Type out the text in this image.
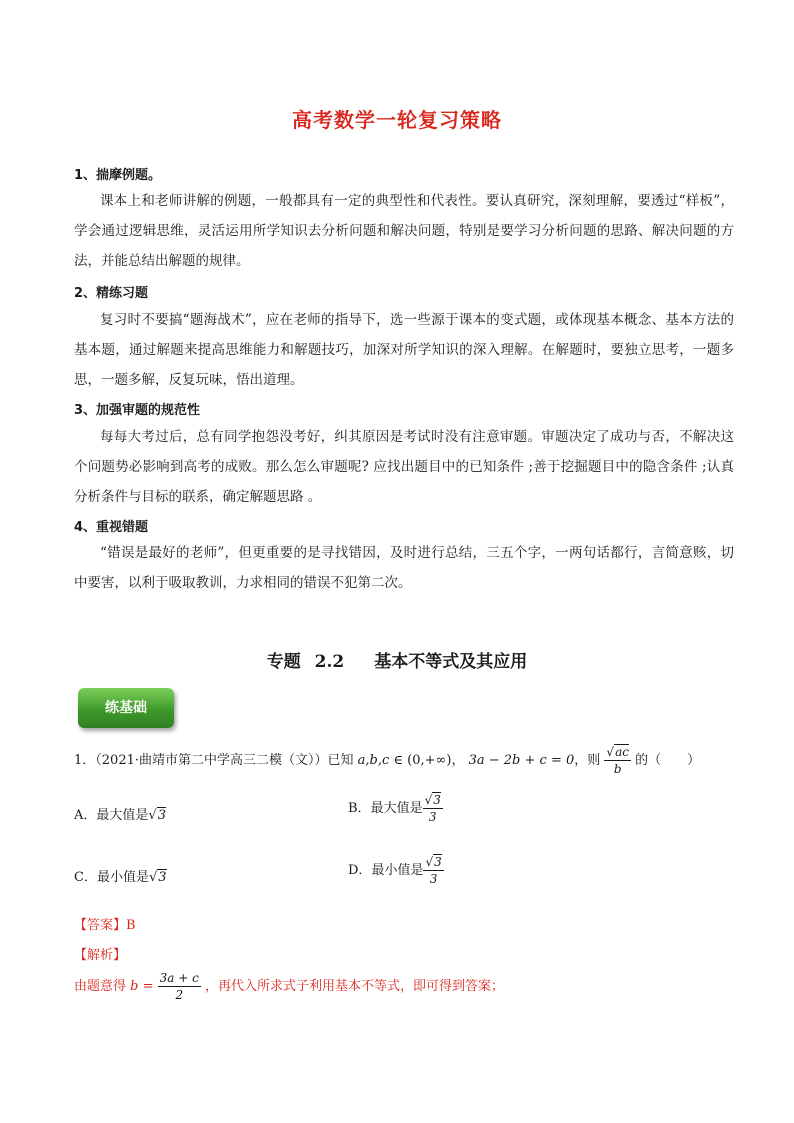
高考数学一轮复习策略
1、揣摩例题。
课本上和老师讲解的例题，一般都具有一定的典型性和代表性。要认真研究，深刻理解，要透过“样板”，学会通过逻辑思维，灵活运用所学知识去分析问题和解决问题，特别是要学习分析问题的思路、解决问题的方法，并能总结出解题的规律。
2、精练习题
复习时不要搞“题海战术”，应在老师的指导下，选一些源于课本的变式题，或体现基本概念、基本方法的基本题，通过解题来提高思维能力和解题技巧，加深对所学知识的深入理解。在解题时，要独立思考，一题多思，一题多解，反复玩味，悟出道理。
3、加强审题的规范性
每每大考过后，总有同学抱怨没考好，纠其原因是考试时没有注意审题。审题决定了成功与否，不解决这个问题势必影响到高考的成败。那么怎么审题呢? 应找出题目中的已知条件 ;善于挖掘题目中的隐含条件 ;认真分析条件与目标的联系，确定解题思路 。
4、重视错题
“错误是最好的老师”，但更重要的是寻找错因，及时进行总结，三五个字，一两句话都行，言简意赅，切中要害，以利于吸取教训，力求相同的错误不犯第二次。
专题 2.2 基本不等式及其应用
练基础
1．（2021·曲靖市第二中学高三二模（文））已知 a,b,c ∈ (0,+∞)， 3a − 2b + c = 0，则 $\frac{√ac}{b}$ 的（　　）
A．最大值是√3	B．最大值是 $\frac{√3}{3}$
C．最小值是√3	D．最小值是 $\frac{√3}{3}$
【答案】B
【解析】
由题意得 $b = \frac{3a + c}{2}$ ，再代入所求式子利用基本不等式，即可得到答案；
